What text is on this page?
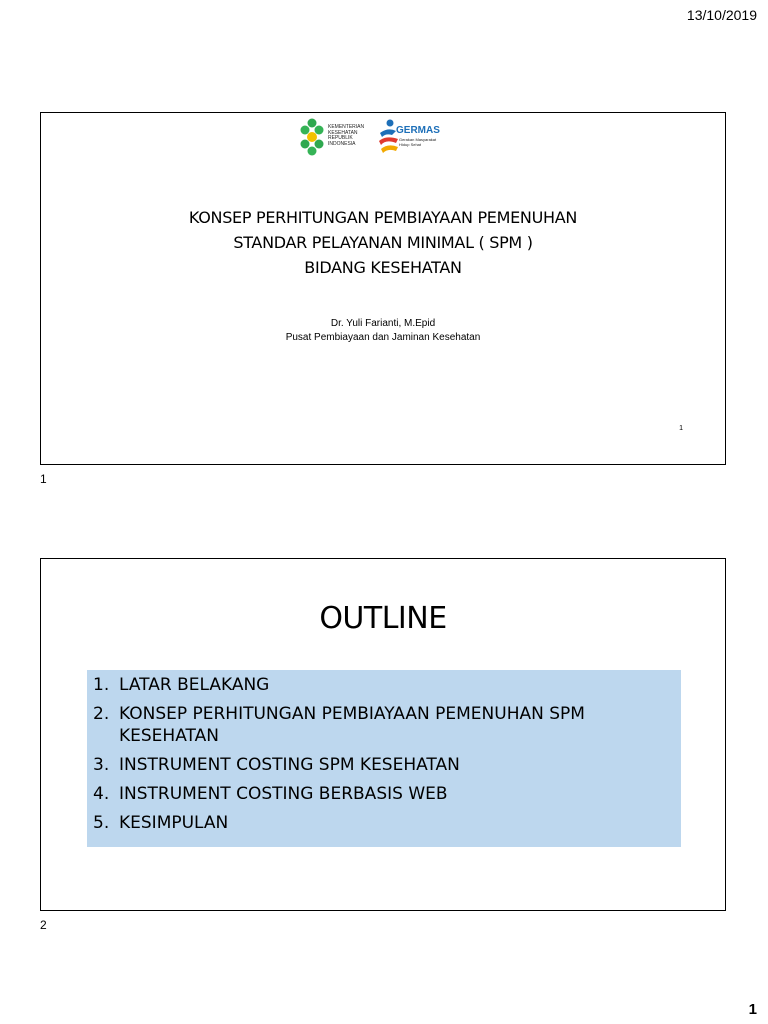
13/10/2019
KEMENTERIAN
KESEHATAN
REPUBLIK
INDONESIA
GERMAS
Gerakan Masyarakat
Hidup Sehat
KONSEP PERHITUNGAN PEMBIAYAAN PEMENUHAN
STANDAR PELAYANAN MINIMAL ( SPM )
BIDANG KESEHATAN
Dr. Yuli Farianti, M.Epid
Pusat Pembiayaan dan Jaminan Kesehatan
1
1
OUTLINE
1. LATAR BELAKANG
2. KONSEP PERHITUNGAN PEMBIAYAAN PEMENUHAN SPM KESEHATAN
3. INSTRUMENT COSTING SPM KESEHATAN
4. INSTRUMENT COSTING BERBASIS WEB
5. KESIMPULAN
2
1
